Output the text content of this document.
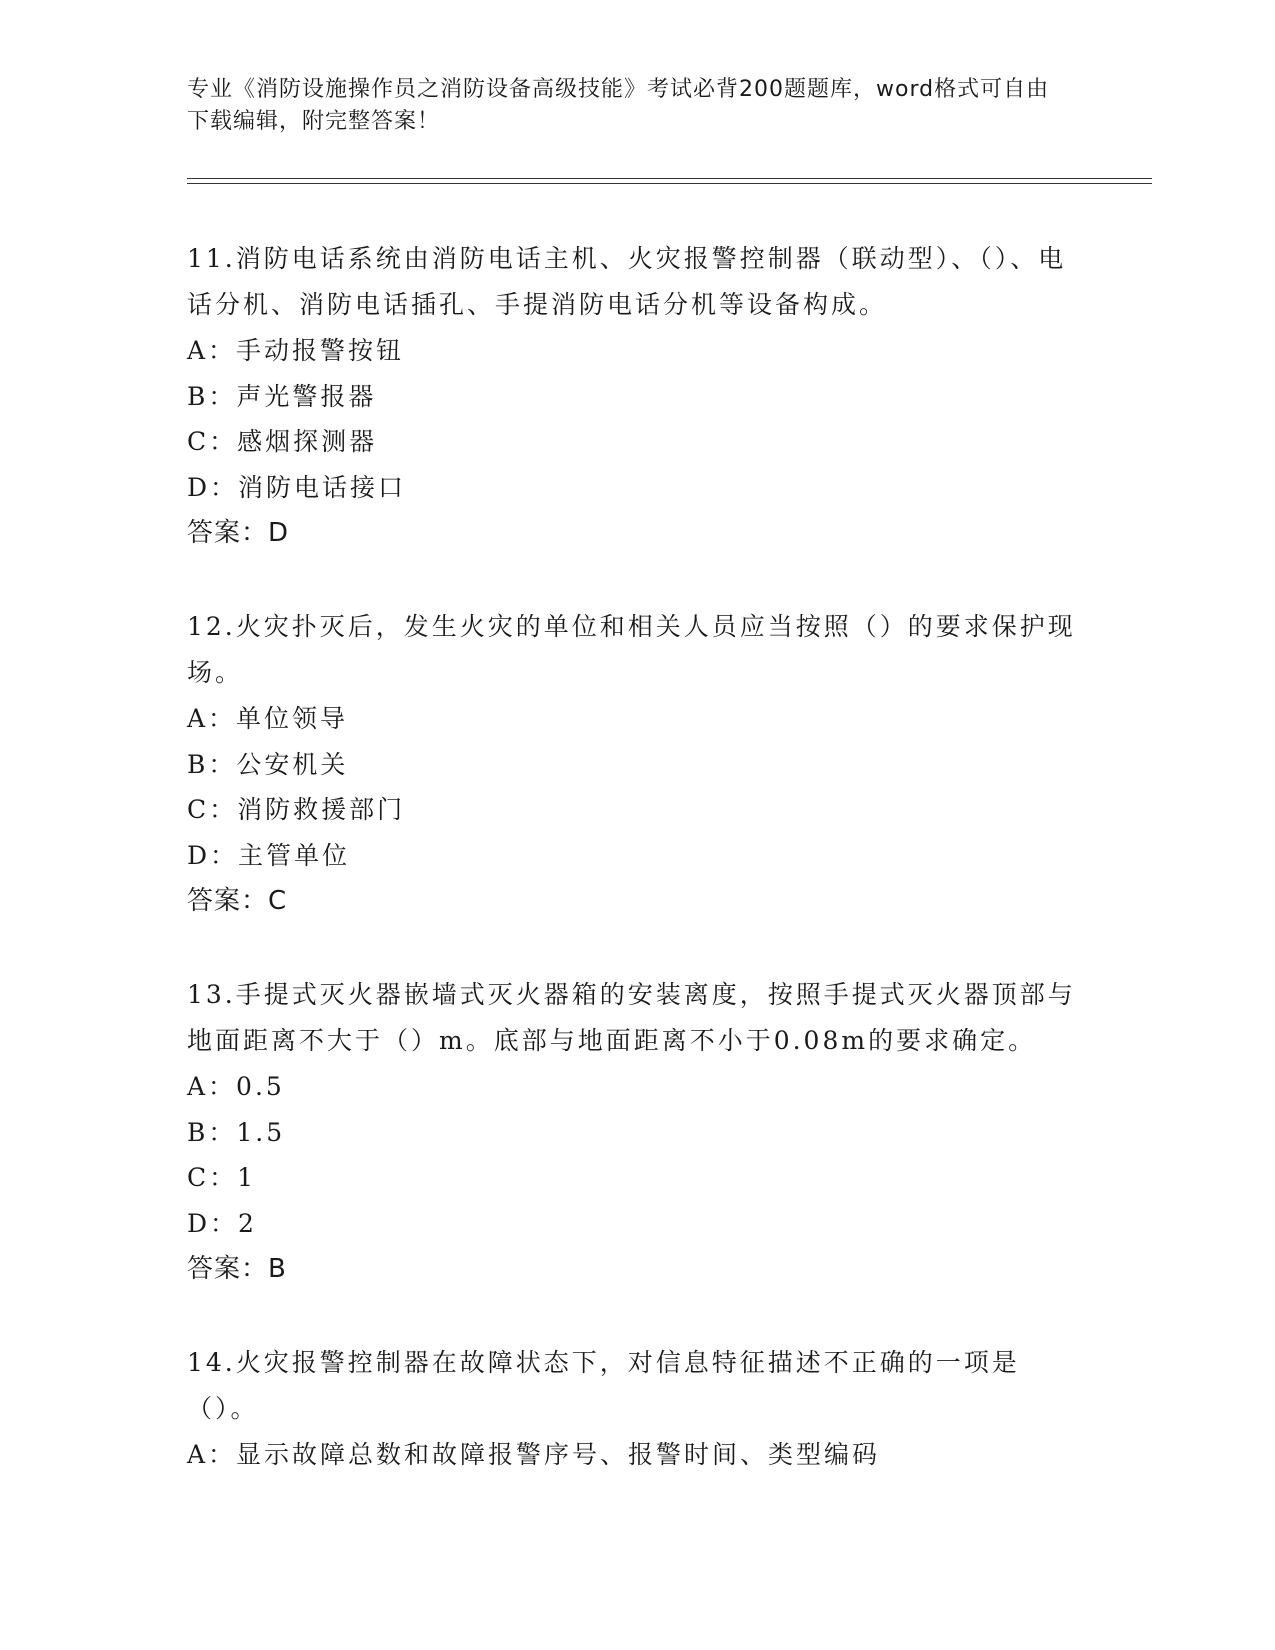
专业《消防设施操作员之消防设备高级技能》考试必背200题题库，word格式可自由下载编辑，附完整答案！

11.消防电话系统由消防电话主机、火灾报警控制器（联动型）、（）、电话分机、消防电话插孔、手提消防电话分机等设备构成。

A：手动报警按钮

B：声光警报器

C：感烟探测器

D：消防电话接口

答案：D

12.火灾扑灭后，发生火灾的单位和相关人员应当按照（）的要求保护现场。

A：单位领导

B：公安机关

C：消防救援部门

D：主管单位

答案：C

13.手提式灭火器嵌墙式灭火器箱的安装离度，按照手提式灭火器顶部与地面距离不大于（）m。底部与地面距离不小于0.08m的要求确定。

A：0.5

B：1.5

C：1

D：2

答案：B

14.火灾报警控制器在故障状态下，对信息特征描述不正确的一项是（）。

A：显示故障总数和故障报警序号、报警时间、类型编码
